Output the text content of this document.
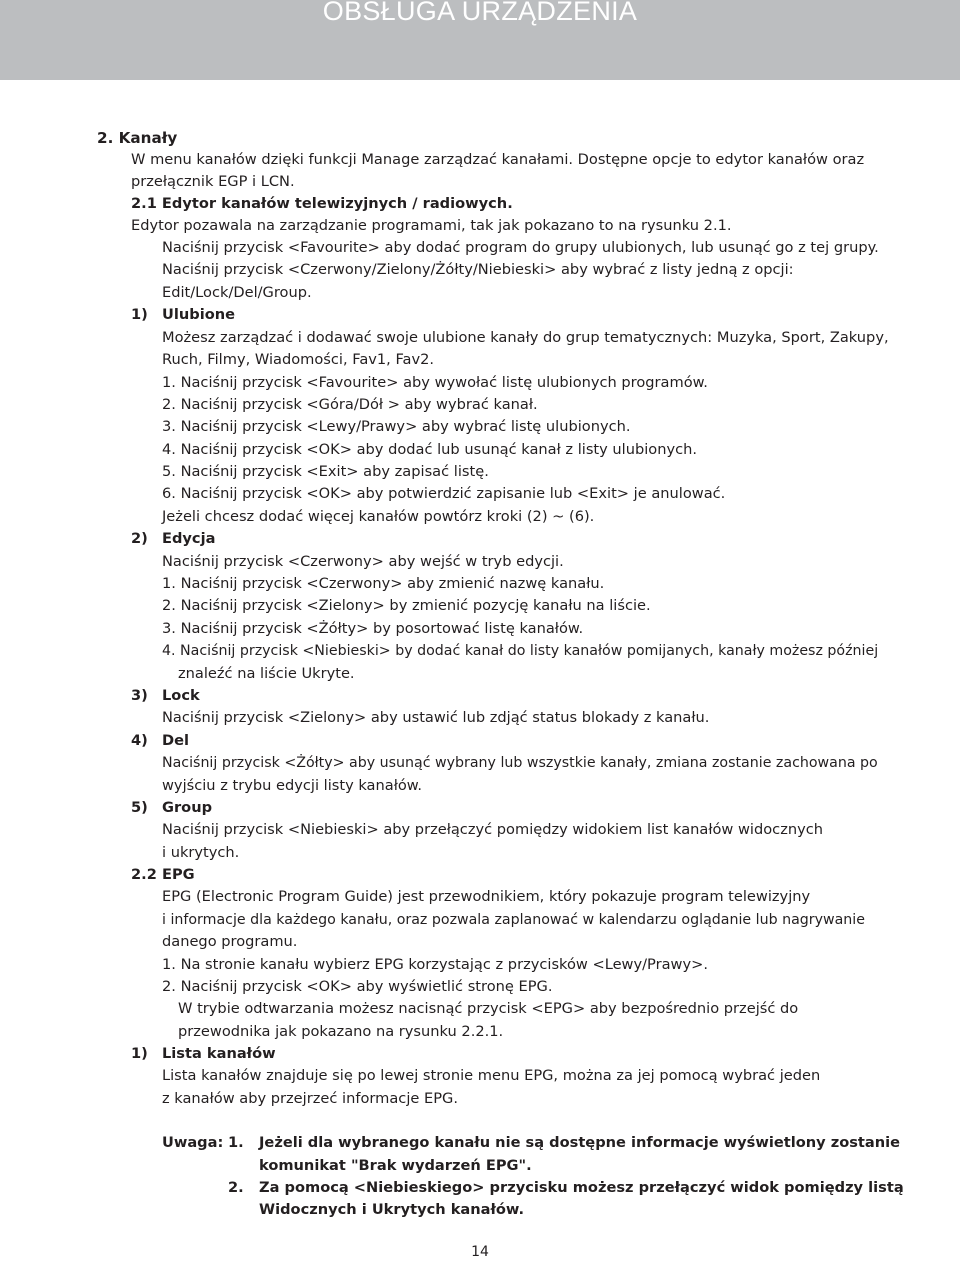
OBSŁUGA URZĄDZENIA
2. Kanały
W menu kanałów dzięki funkcji Manage zarządzać kanałami. Dostępne opcje to edytor kanałów oraz
przełącznik EGP i LCN.
2.1 Edytor kanałów telewizyjnych / radiowych.
Edytor pozawala na zarządzanie programami, tak jak pokazano to na rysunku 2.1.
Naciśnij przycisk <Favourite> aby dodać program do grupy ulubionych, lub usunąć go z tej grupy.
Naciśnij przycisk <Czerwony/Zielony/Żółty/Niebieski> aby wybrać z listy jedną z opcji:
Edit/Lock/Del/Group.
1) Ulubione
Możesz zarządzać i dodawać swoje ulubione kanały do grup tematycznych: Muzyka, Sport, Zakupy,
Ruch, Filmy, Wiadomości, Fav1, Fav2.
1. Naciśnij przycisk <Favourite> aby wywołać listę ulubionych programów.
2. Naciśnij przycisk <Góra/Dół > aby wybrać kanał.
3. Naciśnij przycisk <Lewy/Prawy> aby wybrać listę ulubionych.
4. Naciśnij przycisk <OK> aby dodać lub usunąć kanał z listy ulubionych.
5. Naciśnij przycisk <Exit> aby zapisać listę.
6. Naciśnij przycisk <OK> aby potwierdzić zapisanie lub <Exit> je anulować.
Jeżeli chcesz dodać więcej kanałów powtórz kroki (2) ~ (6).
2) Edycja
Naciśnij przycisk <Czerwony> aby wejść w tryb edycji.
1. Naciśnij przycisk <Czerwony> aby zmienić nazwę kanału.
2. Naciśnij przycisk <Zielony> by zmienić pozycję kanału na liście.
3. Naciśnij przycisk <Żółty> by posortować listę kanałów.
4. Naciśnij przycisk <Niebieski> by dodać kanał do listy kanałów pomijanych, kanały możesz później
znaleźć na liście Ukryte.
3) Lock
Naciśnij przycisk <Zielony> aby ustawić lub zdjąć status blokady z kanału.
4) Del
Naciśnij przycisk <Żółty> aby usunąć wybrany lub wszystkie kanały, zmiana zostanie zachowana po
wyjściu z trybu edycji listy kanałów.
5) Group
Naciśnij przycisk <Niebieski> aby przełączyć pomiędzy widokiem list kanałów widocznych
i ukrytych.
2.2 EPG
EPG (Electronic Program Guide) jest przewodnikiem, który pokazuje program telewizyjny
i informacje dla każdego kanału, oraz pozwala zaplanować w kalendarzu oglądanie lub nagrywanie
danego programu.
1. Na stronie kanału wybierz EPG korzystając z przycisków <Lewy/Prawy>.
2. Naciśnij przycisk <OK> aby wyświetlić stronę EPG.
W trybie odtwarzania możesz nacisnąć przycisk <EPG> aby bezpośrednio przejść do
przewodnika jak pokazano na rysunku 2.2.1.
1) Lista kanałów
Lista kanałów znajduje się po lewej stronie menu EPG, można za jej pomocą wybrać jeden
z kanałów aby przejrzeć informacje EPG.
Uwaga: 1. Jeżeli dla wybranego kanału nie są dostępne informacje wyświetlony zostanie
komunikat "Brak wydarzeń EPG".
2. Za pomocą <Niebieskiego> przycisku możesz przełączyć widok pomiędzy listą
Widocznych i Ukrytych kanałów.
14
